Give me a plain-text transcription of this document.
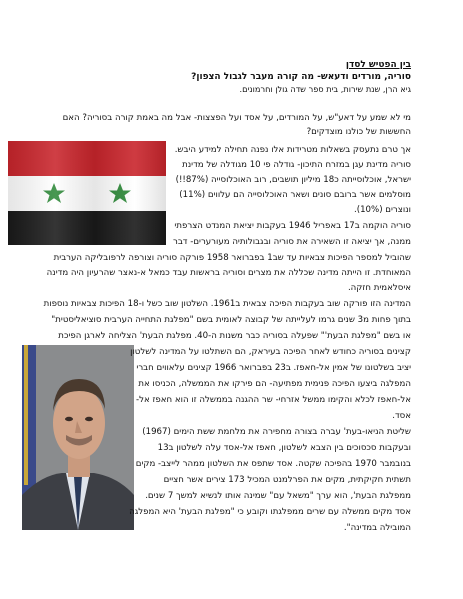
בין הפטיש לסדן
סוריה, מורדים ודעאש- מה קורה מעבר לגבול הצפון?
גיא הרן, שנת שירות, בית ספר שדה גולן וחרמונים.
מי לא שמע על דאע"ש, על המורדים, על אסד ועל הפצצות- אבל מה באמת קורה בסוריה? האם
החששות של כולנו מוצדקים?
אך טרם נתעסק בשאלות מטרידות אלו נפנה תחילה למידע היבש.
סוריה מדינת עגן במזרח התיכון- גודלה פי 10 מגודלה של מדינת
ישראל, אוכלוסייתה כ18 מיליון תושבים, רוב האוכלוסייה (87%!!)
מוסלמים אשר ברובם סונים ושאר האוכלוסייה הם עלווים (11%)
ונוצרים (10%).
סוריה הוקמה ב17 באפריל 1946 בעקבות יציאת המנדט הצרפתי
ממנה, אך יציאה זו השאירה את סוריה ובגבולותיה מעורערים- דבר
שהוביל למספר הפיכות צבאיות עד שב1 בפברואר 1958 פורקה סוריה וצורפה לרפובליקה הערבית
המאוחדת. זו הייתה מדינה שכללה את מצרים וסוריה בראשות עבד כמאל א-נאצר שהרעיון היה מדינה
איסלאמית חזקה.
המדינה הזו פורקה שוב בעקבות הפיכה צבאית ב1961. השלטון שוב כשל ו-18 הפיכות צבאיות נוספות
בתוך פחות מ3 שנים גרמו לעלייתה של קבוצה לאומית בשם "מפלגת התחייה הערבית סוציאליסטית"
או בשם "מפלגת הבעת'" שפעלה בסוריה כבר משנות ה-40. מפלגת הבעת' הצליחה לארגן הפיכת
קצינים בסוריה כחודש לאחר הפיכה בעיראק, הם השתלטו על המדינה לשלטון
יציב בשלטונו של אמין אל-חאפז. ב23 בפברואר 1966 קצינים עלאווים חברי
המפלגה ביצעו הפיכה פנימית מפתיעה- הם פירקו את הממשלה, הכניסו את
אל-חאפז לכלא והקימו ממשל אזרחי- שר ההגנה בממשלה זו הוא חאפז אל-
אסד.
שליטת הניאו-בעת' עברה בצורה מחפירה את מלחמת ששת הימים (1967)
ובעקבות סכסוכים בין הצבא לשלטון, חאפז אל-אסד עלה לשלטון ב13
בנובמבר 1970 בהפיכה שקטה. אסד שתפס את השלטון ממהר לייצב- מקים
תשתית חקיקתית, מקים את הפרלמנט המכיל 173 צירים אשר חציים
ממפלגת הבעת', הוא ערך "משאל עם" שמינה אותו לנשיא למשך 7 שנים.
אסד מקים ממשלה עם שרים ממפלגתו וקובע כי "מפלגת הבעת' היא המפלגה
המובילה במדינה".
